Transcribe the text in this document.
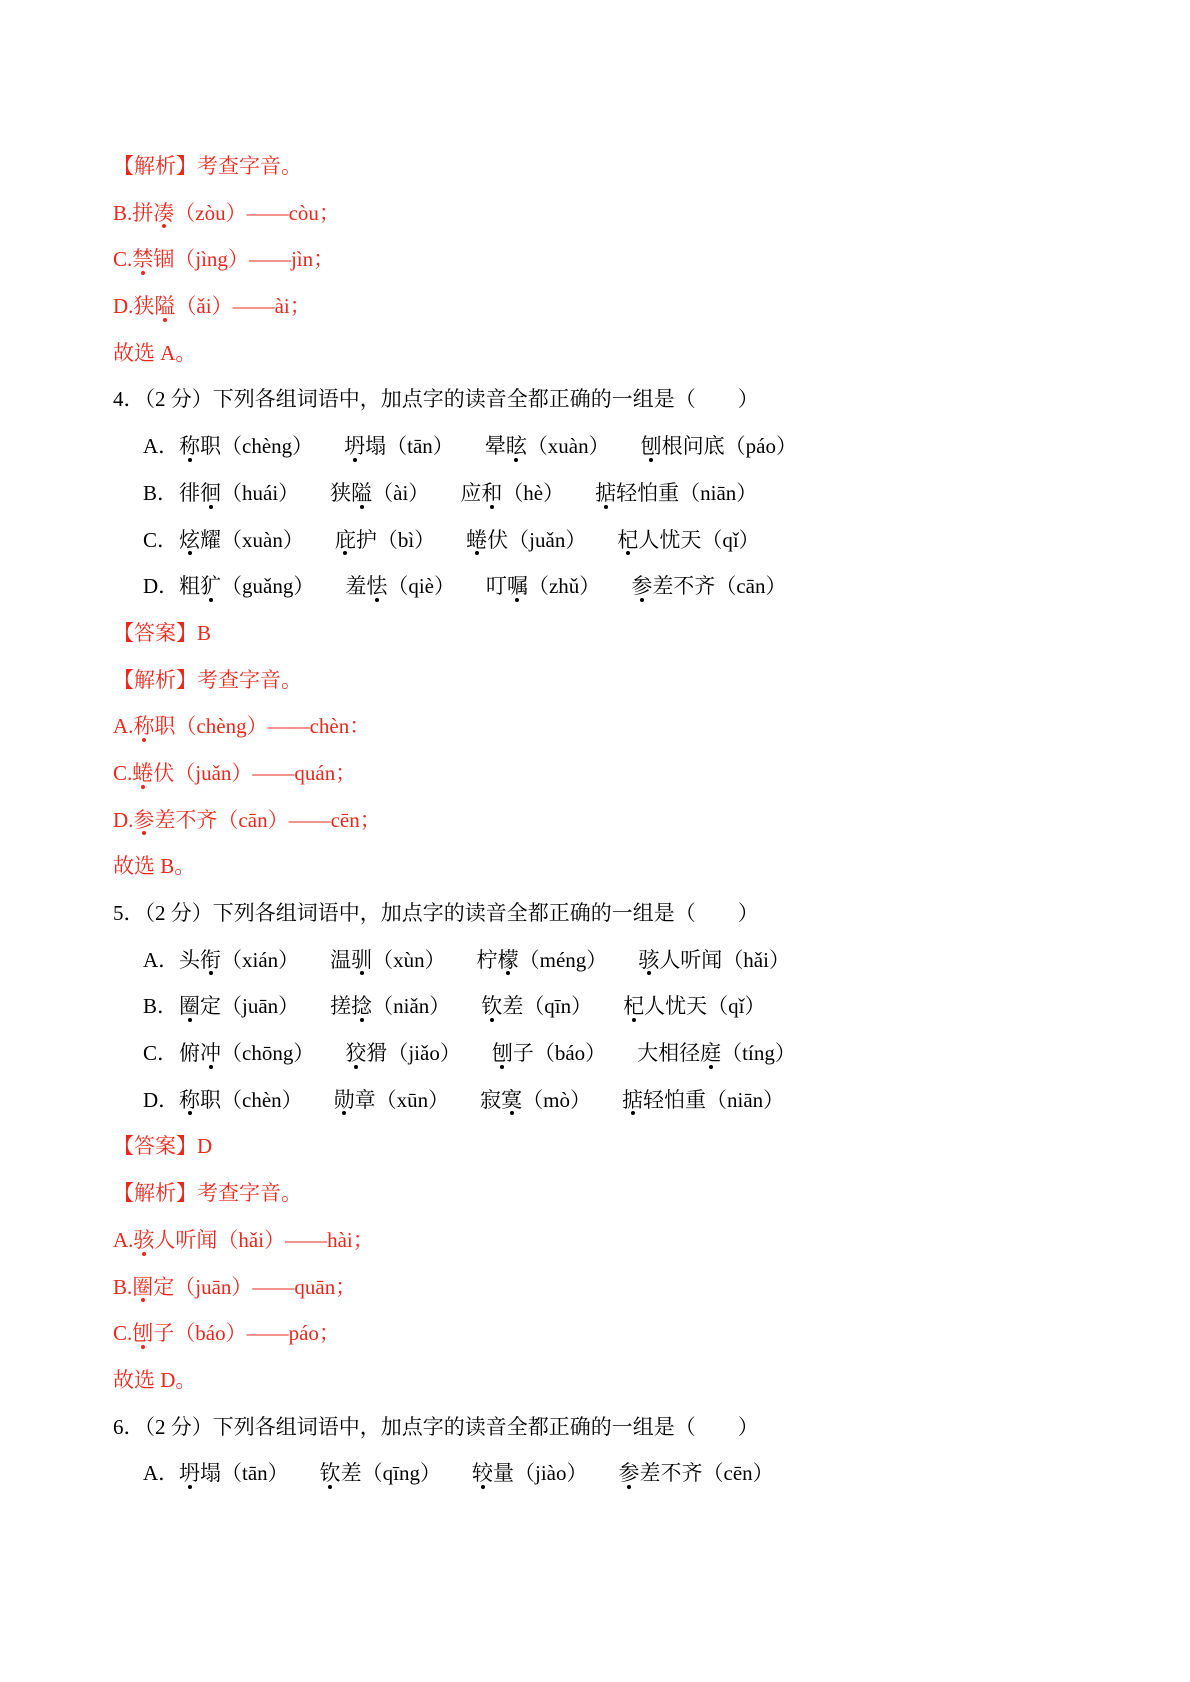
【解析】考查字音。
B.拼凑（zòu）——còu；
C.禁锢（jìng）——jìn；
D.狭隘（ǎi）——ài；
故选 A。
4．（2 分）下列各组词语中，加点字的读音全都正确的一组是（　　）
A．称职（chèng） 坍塌（tān） 晕眩（xuàn） 刨根问底（páo）
B．徘徊（huái） 狭隘（ài） 应和（hè） 掂轻怕重（niān）
C．炫耀（xuàn） 庇护（bì） 蜷伏（juǎn） 杞人忧天（qǐ）
D．粗犷（guǎng） 羞怯（qiè） 叮嘱（zhǔ） 参差不齐（cān）
【答案】B
【解析】考查字音。
A.称职（chèng）——chèn：
C.蜷伏（juǎn）——quán；
D.参差不齐（cān）——cēn；
故选 B。
5．（2 分）下列各组词语中，加点字的读音全都正确的一组是（　　）
A．头衔（xián） 温驯（xùn） 柠檬（méng） 骇人听闻（hǎi）
B．圈定（juān） 搓捻（niǎn） 钦差（qīn） 杞人忧天（qǐ）
C．俯冲（chōng） 狡猾（jiǎo） 刨子（báo） 大相径庭（tíng）
D．称职（chèn） 勋章（xūn） 寂寞（mò） 掂轻怕重（niān）
【答案】D
【解析】考查字音。
A.骇人听闻（hǎi）——hài；
B.圈定（juān）——quān；
C.刨子（báo）——páo；
故选 D。
6．（2 分）下列各组词语中，加点字的读音全都正确的一组是（　　）
A．坍塌（tān） 钦差（qīng） 较量（jiào） 参差不齐（cēn）
